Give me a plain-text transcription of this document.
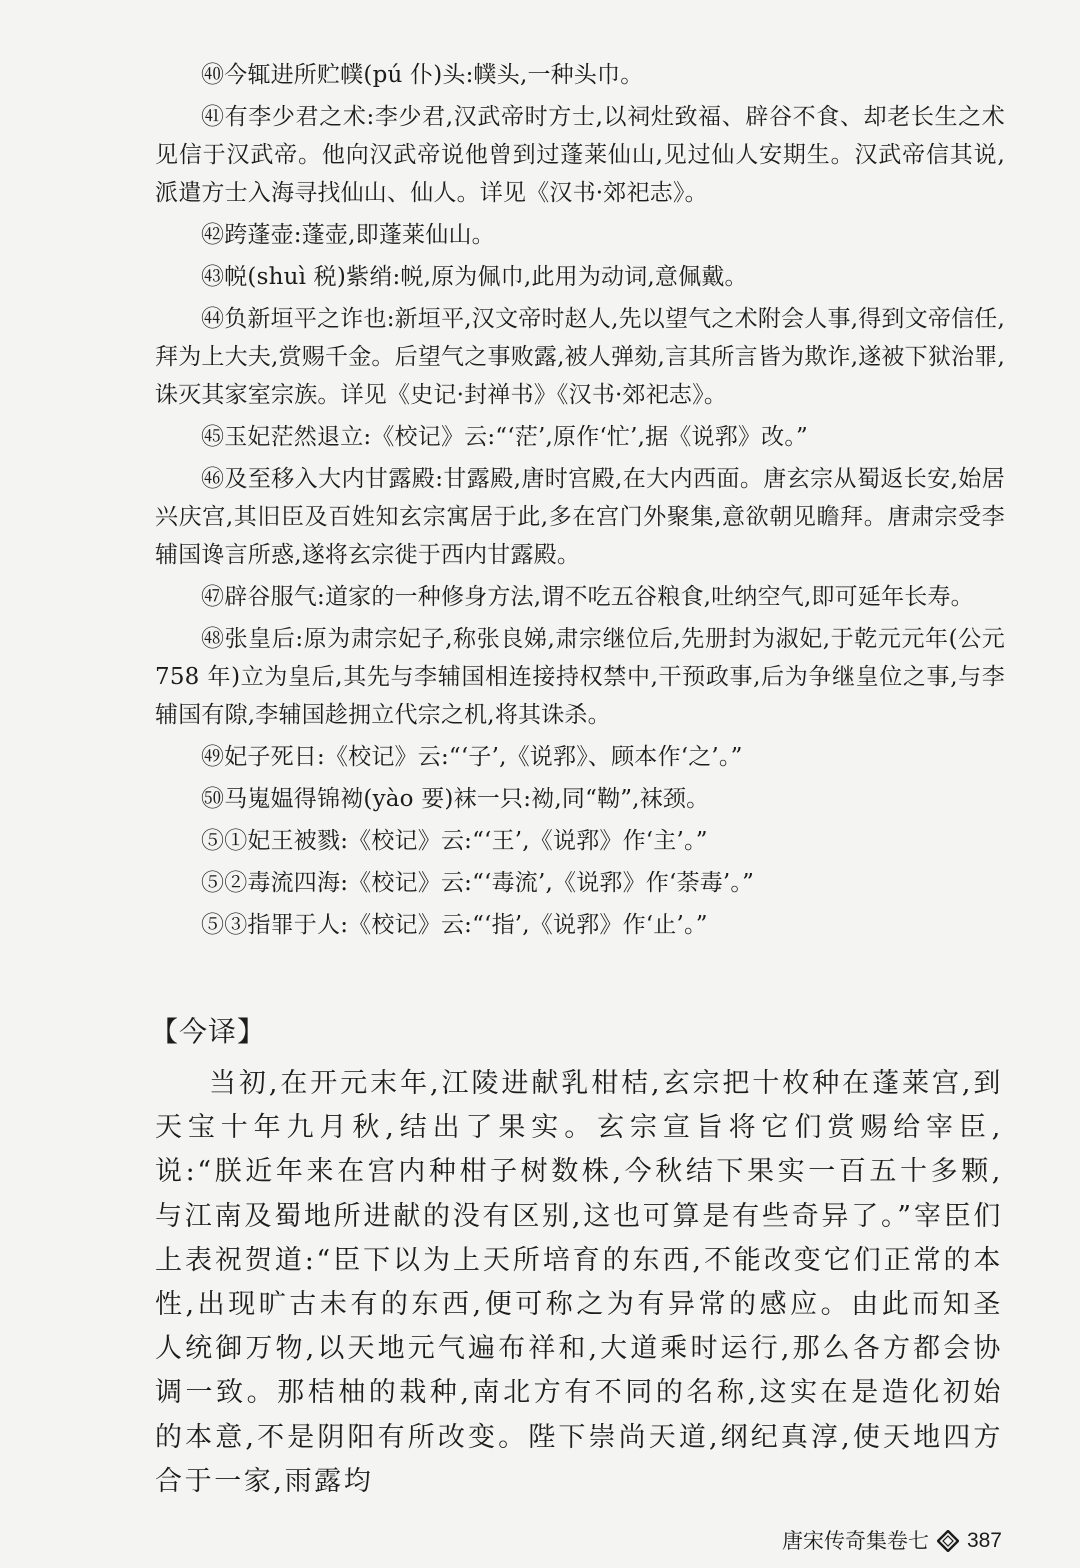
㊵今辄进所贮幞(pú 仆)头:幞头,一种头巾。

㊶有李少君之术:李少君,汉武帝时方士,以祠灶致福、辟谷不食、却老长生之术见信于汉武帝。他向汉武帝说他曾到过蓬莱仙山,见过仙人安期生。汉武帝信其说,派遣方士入海寻找仙山、仙人。详见《汉书·郊祀志》。

㊷跨蓬壶:蓬壶,即蓬莱仙山。

㊸帨(shuì 税)紫绡:帨,原为佩巾,此用为动词,意佩戴。

㊹负新垣平之诈也:新垣平,汉文帝时赵人,先以望气之术附会人事,得到文帝信任,拜为上大夫,赏赐千金。后望气之事败露,被人弹劾,言其所言皆为欺诈,遂被下狱治罪,诛灭其家室宗族。详见《史记·封禅书》《汉书·郊祀志》。

㊺玉妃茫然退立:《校记》云:“‘茫’,原作‘忙’,据《说郛》改。”

㊻及至移入大内甘露殿:甘露殿,唐时宫殿,在大内西面。唐玄宗从蜀返长安,始居兴庆宫,其旧臣及百姓知玄宗寓居于此,多在宫门外聚集,意欲朝见瞻拜。唐肃宗受李辅国谗言所惑,遂将玄宗徙于西内甘露殿。

㊼辟谷服气:道家的一种修身方法,谓不吃五谷粮食,吐纳空气,即可延年长寿。

㊽张皇后:原为肃宗妃子,称张良娣,肃宗继位后,先册封为淑妃,于乾元元年(公元 758 年)立为皇后,其先与李辅国相连接持权禁中,干预政事,后为争继皇位之事,与李辅国有隙,李辅国趁拥立代宗之机,将其诛杀。

㊾妃子死日:《校记》云:“‘子’,《说郛》、顾本作‘之’。”

㊿马嵬媪得锦袎(yào 要)袜一只:袎,同“靿”,袜颈。

⑤①妃王被戮:《校记》云:“‘王’,《说郛》作‘主’。”

⑤②毒流四海:《校记》云:“‘毒流’,《说郛》作‘荼毒’。”

⑤③指罪于人:《校记》云:“‘指’,《说郛》作‘止’。”

【今译】

当初,在开元末年,江陵进献乳柑桔,玄宗把十枚种在蓬莱宫,到天宝十年九月秋,结出了果实。玄宗宣旨将它们赏赐给宰臣,说:“朕近年来在宫内种柑子树数株,今秋结下果实一百五十多颗,与江南及蜀地所进献的没有区别,这也可算是有些奇异了。”宰臣们上表祝贺道:“臣下以为上天所培育的东西,不能改变它们正常的本性,出现旷古未有的东西,便可称之为有异常的感应。由此而知圣人统御万物,以天地元气遍布祥和,大道乘时运行,那么各方都会协调一致。那桔柚的栽种,南北方有不同的名称,这实在是造化初始的本意,不是阴阳有所改变。陛下崇尚天道,纲纪真淳,使天地四方合于一家,雨露均

唐宋传奇集卷七 387
